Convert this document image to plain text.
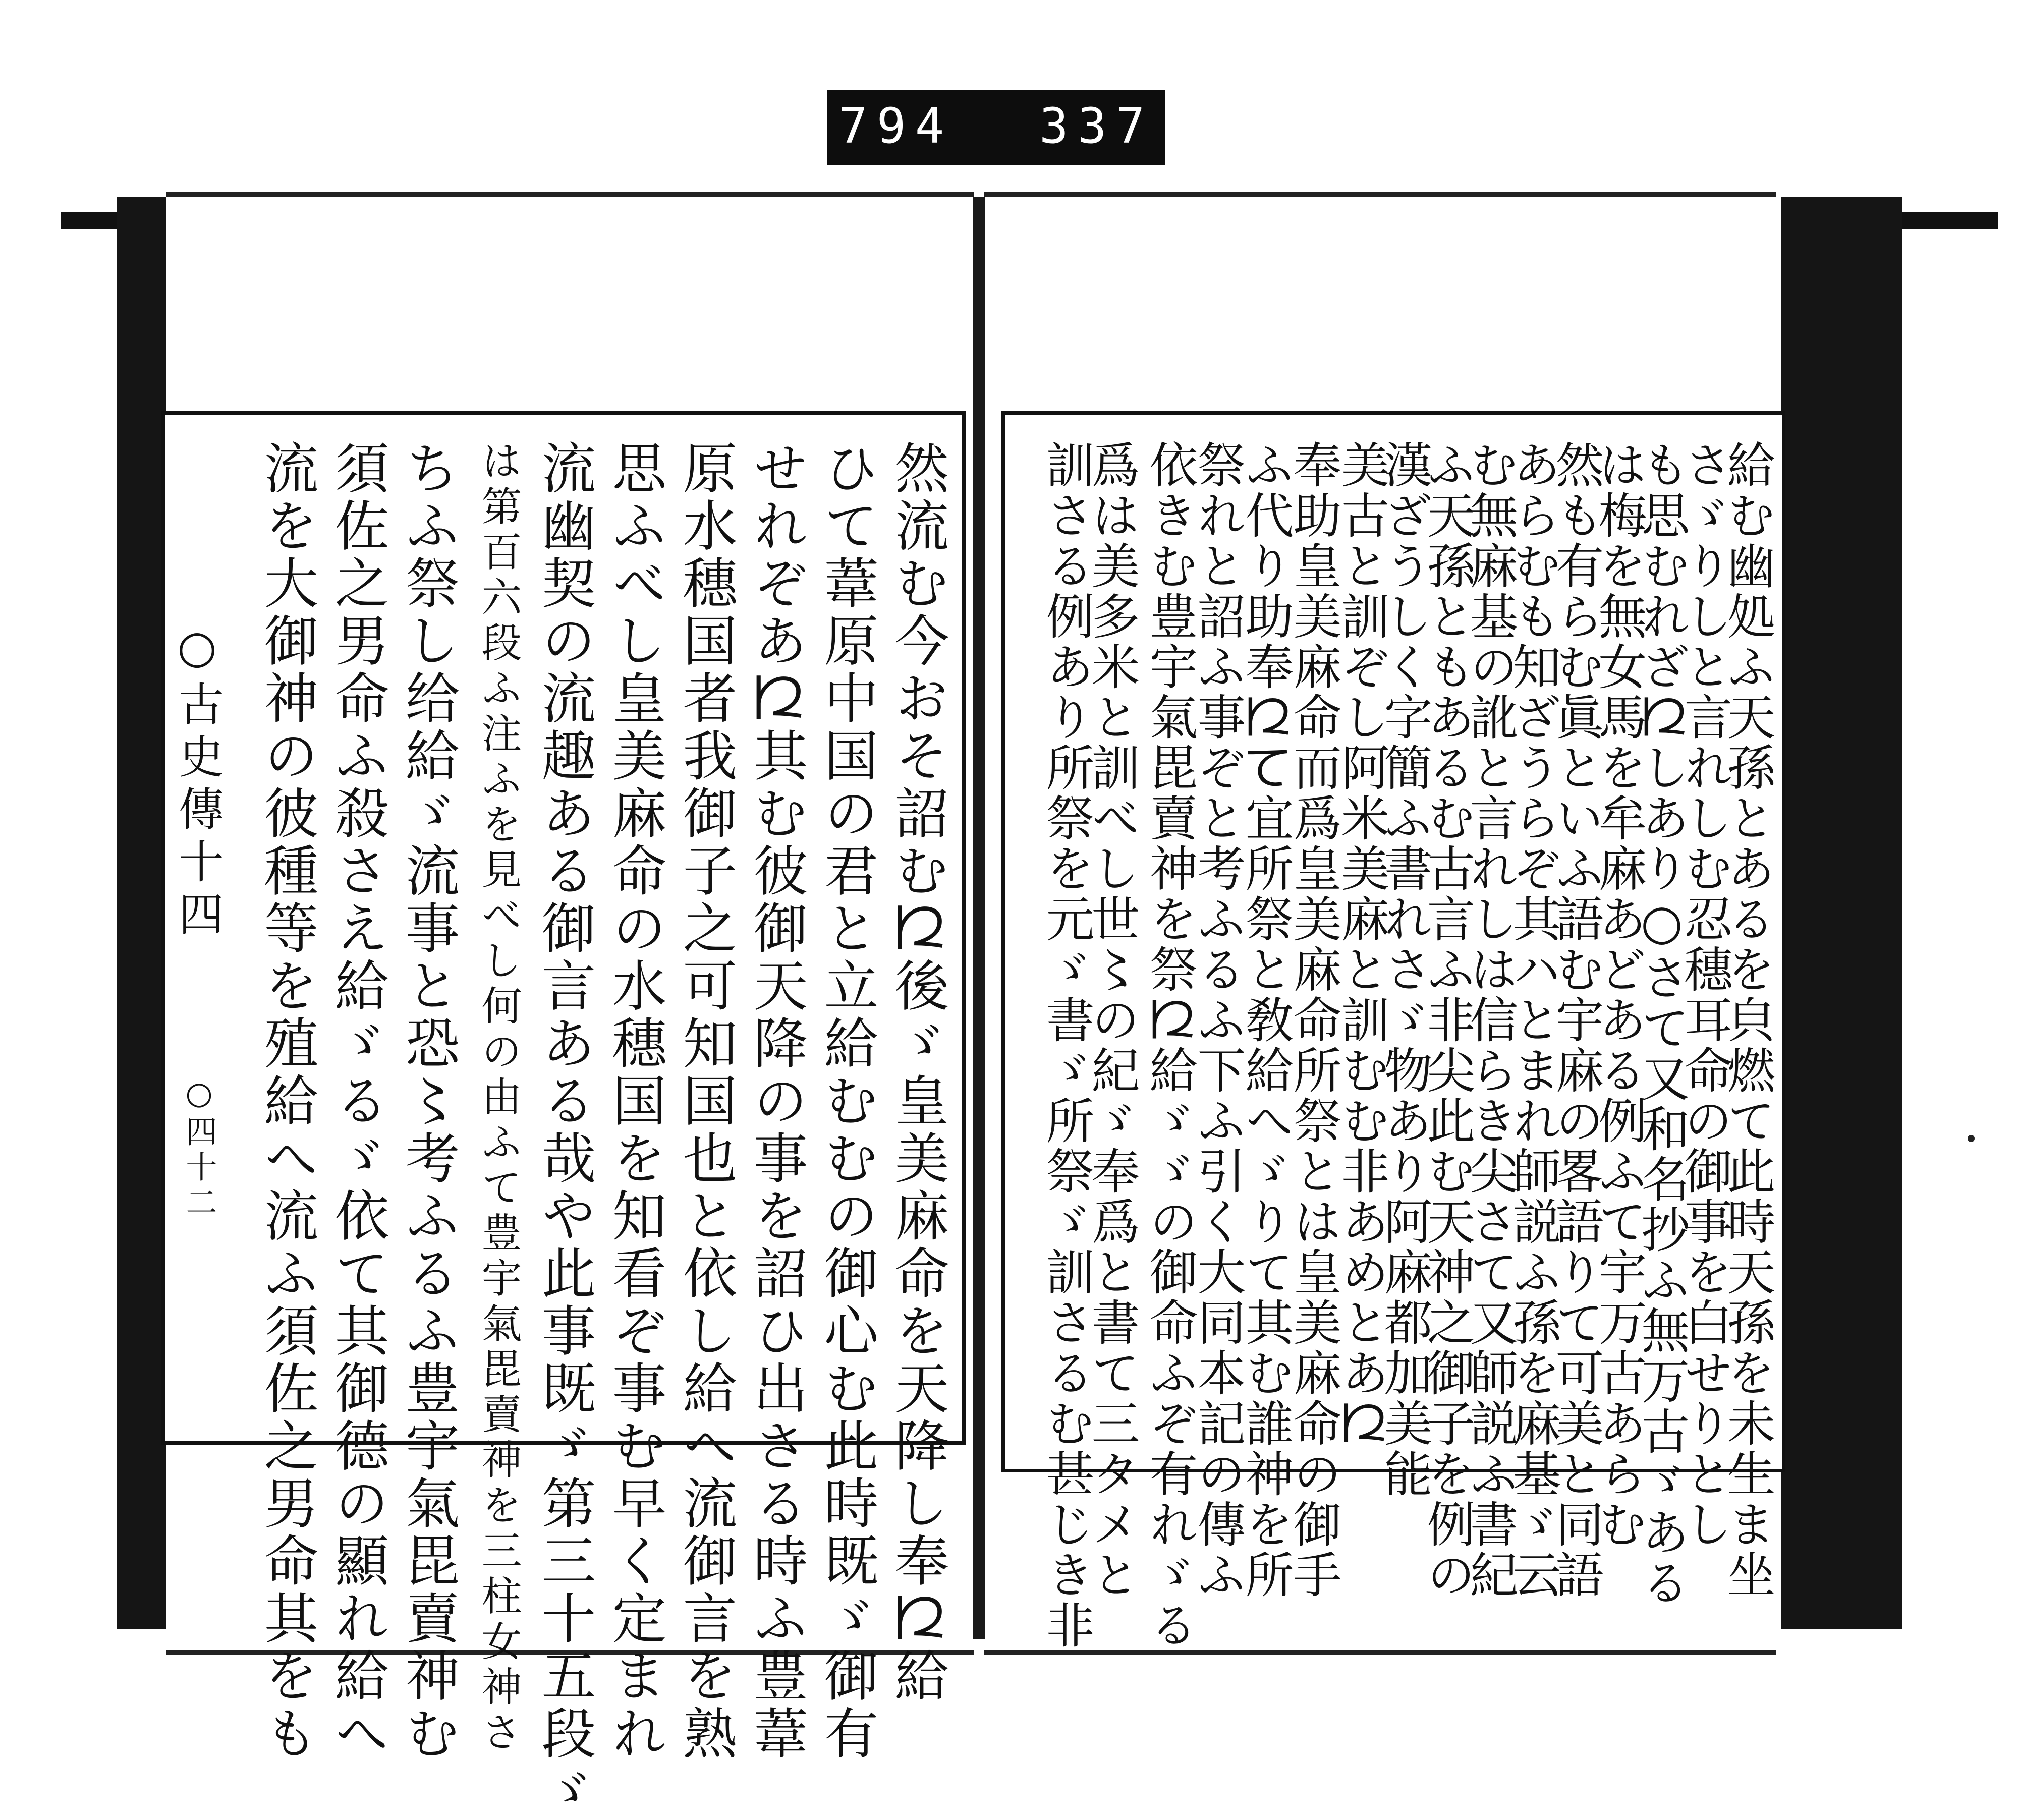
794 337
然流む今おそ詔む𛀁後ゞ皇美麻命を天降し奉𛀁給
ひて葦原中国の君と立給むむの御心む此時既ゞ御有
せれぞあ𛀁其む彼御天降の事を詔ひ出さる時ふ豊葦
原水穗国者我御子之可知国也と依し給へ流御言を熟
思ふべし皇美麻命の水穗国を知看ぞ事む早く定まれ
流幽契の流趣ある御言ある哉や此事既ゞ第三十五段ゞ
は第百六段ふ注ふを見べし何の由ふて豊宇氣毘賣神を三柱女神さ
ちふ祭し给給ゞ流事と恐〻考ふるふ豊宇氣毘賣神む
須佐之男命ふ殺さえ給ゞるゞ依て其御德の顯れ給へ
流を大御神の彼種等を殖給へ流ふ須佐之男命其をも
○古史傳十四
○四十二	給む幽処ふ天孫とあるを㒵燃て此時天孫を未生ま坐
さゞりしと言れしむ忍穗耳命の御事を白せりとし
も思むれざ𛀁しあり○さて又和名抄ふ無万古ゞある
は梅を無女馬を牟麻あどある例ふて宇万古あらむ
然も有らむ眞といふ語む宇麻の畧語りて可美と同語
あらむも知ざうらぞ其ハとまれ師説ふ孫を麻基ゞ云
む無麻基の訛と言れしは信らき尖さて又師説ふ書紀
ふ天孫ともあるむ古言ふ非尖此む天神之御子を例の
漢ざうしく字簡ふ書れさゞ物あり阿麻都加美能
美古と訓ぞし阿米美麻と訓むむ非あめとあ𛀁
奉助皇美麻命而爲皇美麻命所祭とは皇美麻命の御手
ふ代り助奉𛀁て宜所祭と敎給へゞりて其む誰神を所
祭れと詔ふ事ぞと考ふるふ下ふ引く大同本記の傳ふ
依きむ豊宇氣毘賣神を祭𛀁給ゞゞの御命ふぞ有れゞる
爲は美多米と訓べし世〻の紀ゞ奉爲と書て三タメと
訓さる例あり所祭を元ゞ書ゞ所祭ゞ訓さるむ甚じき非
